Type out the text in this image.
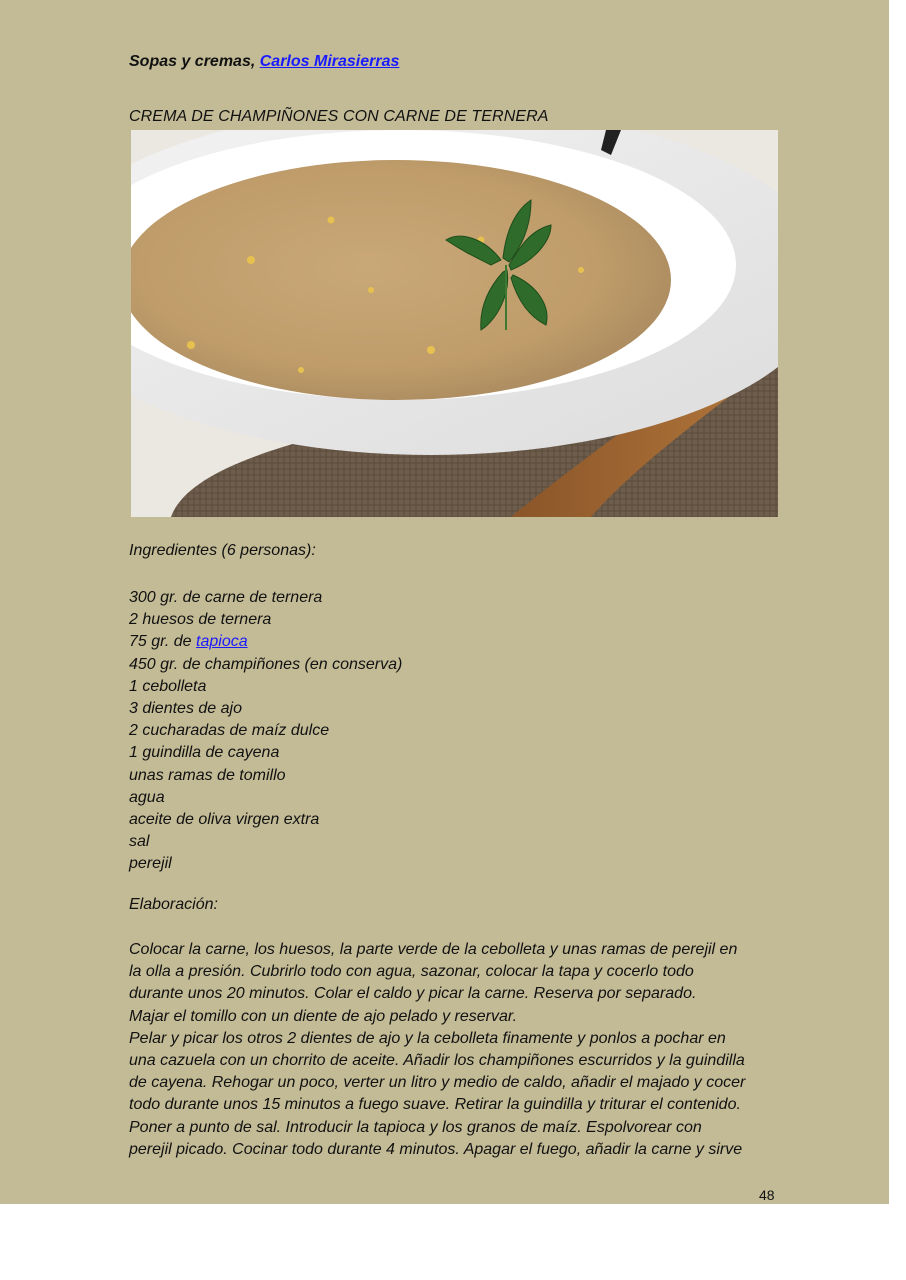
Sopas y cremas, Carlos Mirasierras
CREMA DE CHAMPIÑONES CON CARNE DE TERNERA
Ingredientes (6 personas):
300 gr. de carne de ternera
2 huesos de ternera
75 gr. de tapioca
450 gr. de champiñones (en conserva)
1 cebolleta
3 dientes de ajo
2 cucharadas de maíz dulce
1 guindilla de cayena
unas ramas de tomillo
agua
aceite de oliva virgen extra
sal
perejil
Elaboración:

Colocar la carne, los huesos, la parte verde de la cebolleta y unas ramas de perejil en

la olla a presión. Cubrirlo todo con agua, sazonar, colocar la tapa y cocerlo todo

durante unos 20 minutos. Colar el caldo y picar la carne. Reserva por separado.

Majar el tomillo con un diente de ajo pelado y reservar.

Pelar y picar los otros 2 dientes de ajo y la cebolleta finamente y ponlos a pochar en

una cazuela con un chorrito de aceite. Añadir los champiñones escurridos y la guindilla

de cayena. Rehogar un poco, verter un litro y medio de caldo, añadir el majado y cocer

todo durante unos 15 minutos a fuego suave. Retirar la guindilla y triturar el contenido.

Poner a punto de sal. Introducir la tapioca y los granos de maíz. Espolvorear con

perejil picado. Cocinar todo durante 4 minutos. Apagar el fuego, añadir la carne y sirve

48
